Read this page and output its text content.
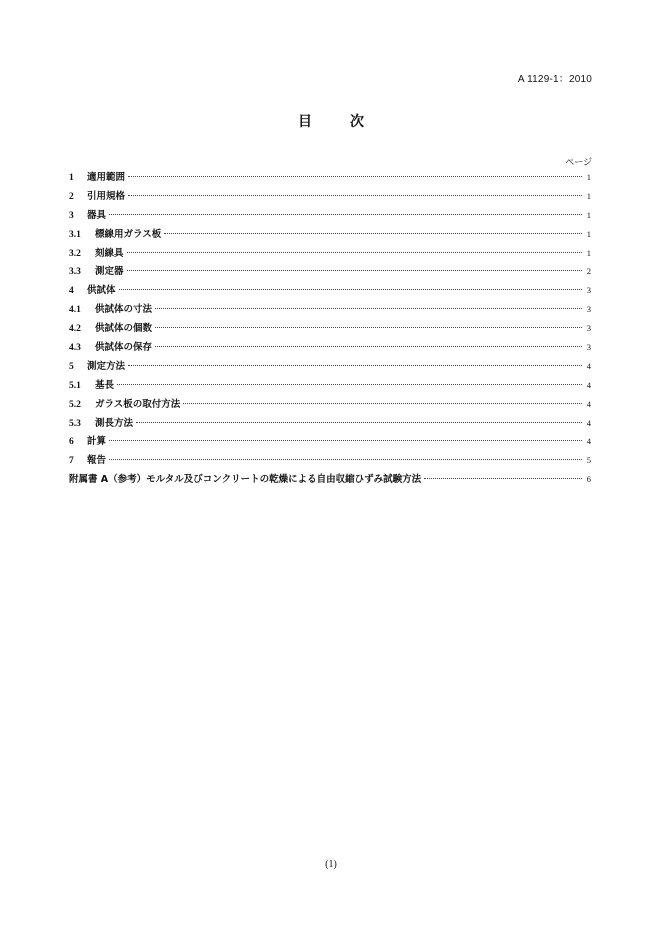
A 1129-1：2010
目　次
ページ
1	適用範囲	1
2	引用規格	1
3	器具	1
3.1	標線用ガラス板	1
3.2	刻線具	1
3.3	測定器	2
4	供試体	3
4.1	供試体の寸法	3
4.2	供試体の個数	3
4.3	供試体の保存	3
5	測定方法	4
5.1	基長	4
5.2	ガラス板の取付方法	4
5.3	測長方法	4
6	計算	4
7	報告	5
附属書 A（参考）モルタル及びコンクリートの乾燥による自由収縮ひずみ試験方法	6
(1)
